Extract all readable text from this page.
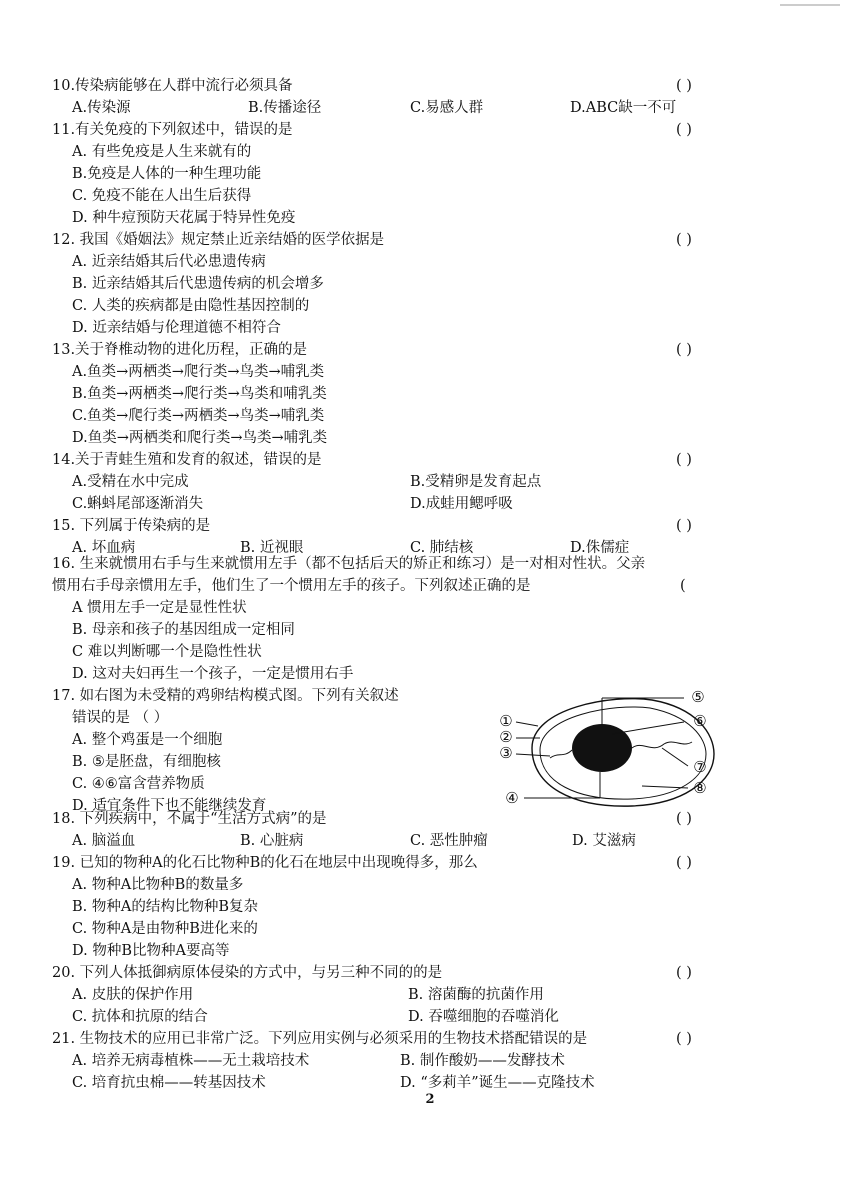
10.传染病能够在人群中流行必须具备	( )
A.传染源	B.传播途径	C.易感人群	D.ABC缺一不可
11.有关免疫的下列叙述中，错误的是	( )
A. 有些免疫是人生来就有的
B.免疫是人体的一种生理功能
C. 免疫不能在人出生后获得
D. 种牛痘预防天花属于特异性免疫
12. 我国《婚姻法》规定禁止近亲结婚的医学依据是	( )
A. 近亲结婚其后代必患遗传病
B. 近亲结婚其后代患遗传病的机会增多
C. 人类的疾病都是由隐性基因控制的
D. 近亲结婚与伦理道德不相符合
13.关于脊椎动物的进化历程，正确的是	( )
A.鱼类→两栖类→爬行类→鸟类→哺乳类
B.鱼类→两栖类→爬行类→鸟类和哺乳类
C.鱼类→爬行类→两栖类→鸟类→哺乳类
D.鱼类→两栖类和爬行类→鸟类→哺乳类
14.关于青蛙生殖和发育的叙述，错误的是	( )
A.受精在水中完成	B.受精卵是发育起点
C.蝌蚪尾部逐渐消失	D.成蛙用鳃呼吸
15. 下列属于传染病的是	( )
A. 坏血病	B. 近视眼	C. 肺结核	D.侏儒症
16. 生来就惯用右手与生来就惯用左手（都不包括后天的矫正和练习）是一对相对性状。父亲
惯用右手母亲惯用左手，他们生了一个惯用左手的孩子。下列叙述正确的是	(
A 惯用左手一定是显性性状
B. 母亲和孩子的基因组成一定相同
C 难以判断哪一个是隐性性状
D. 这对夫妇再生一个孩子，一定是惯用右手
17. 如右图为未受精的鸡卵结构模式图。下列有关叙述
错误的是 （ ）
A. 整个鸡蛋是一个细胞
B. ⑤是胚盘，有细胞核
C. ④⑥富含营养物质
D. 适宜条件下也不能继续发育
①
②
③
④
⑤
⑥
⑦
⑧
18. 下列疾病中，不属于“生活方式病”的是	( )
A. 脑溢血	B. 心脏病	C. 恶性肿瘤	D. 艾滋病
19. 已知的物种A的化石比物种B的化石在地层中出现晚得多，那么	( )
A. 物种A比物种B的数量多
B. 物种A的结构比物种B复杂
C. 物种A是由物种B进化来的
D. 物种B比物种A要高等
20. 下列人体抵御病原体侵染的方式中，与另三种不同的的是	( )
A. 皮肤的保护作用	B. 溶菌酶的抗菌作用
C. 抗体和抗原的结合	D. 吞噬细胞的吞噬消化
21. 生物技术的应用已非常广泛。下列应用实例与必须采用的生物技术搭配错误的是	( )
A. 培养无病毒植株——无土栽培技术	B. 制作酸奶——发酵技术
C. 培育抗虫棉——转基因技术	D. “多莉羊”诞生——克隆技术
2
